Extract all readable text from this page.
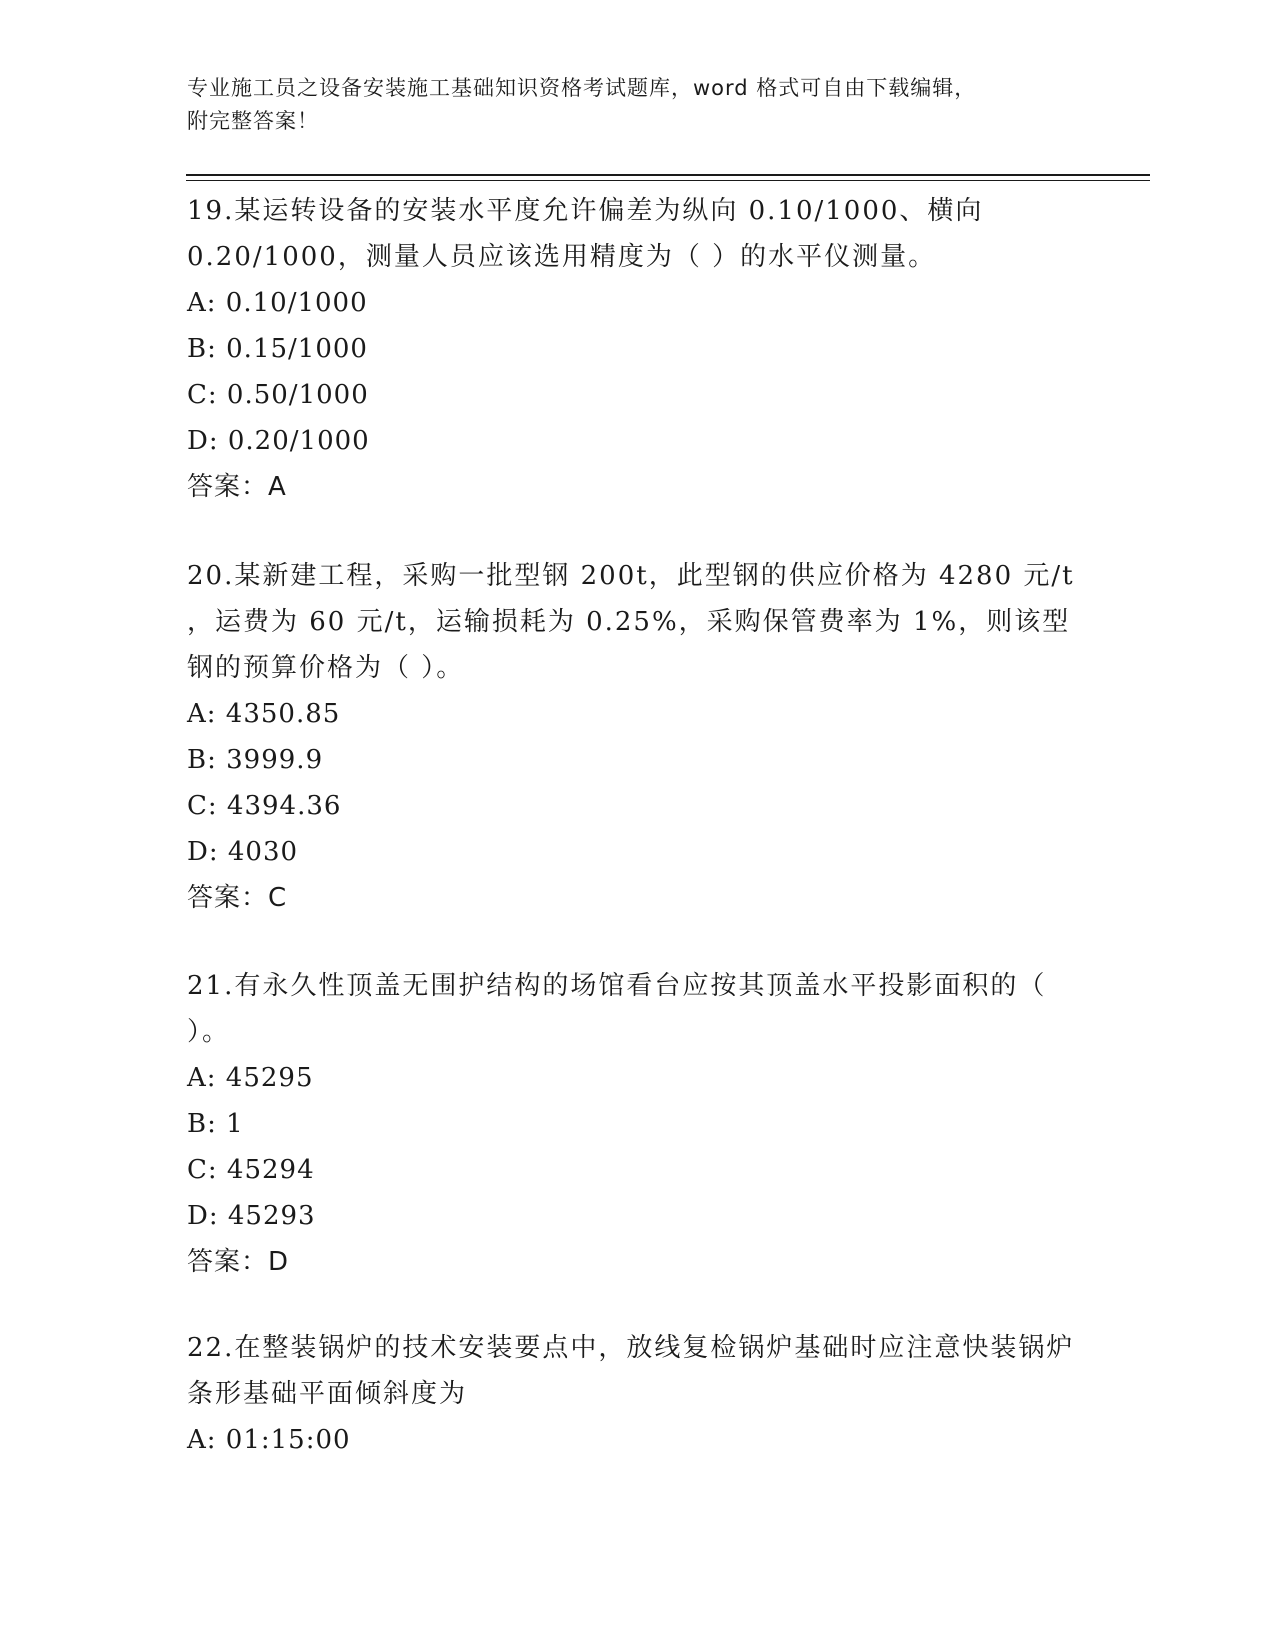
专业施工员之设备安装施工基础知识资格考试题库，word 格式可自由下载编辑，
附完整答案！
19.某运转设备的安装水平度允许偏差为纵向 0.10/1000、横向 0.20/1000，测量人员应该选用精度为（ ）的水平仪测量。
A: 0.10/1000
B: 0.15/1000
C: 0.50/1000
D: 0.20/1000
答案：A
20.某新建工程，采购一批型钢 200t，此型钢的供应价格为 4280 元/t ，运费为 60 元/t，运输损耗为 0.25%，采购保管费率为 1%，则该型钢的预算价格为（ ）。
A: 4350.85
B: 3999.9
C: 4394.36
D: 4030
答案：C
21.有永久性顶盖无围护结构的场馆看台应按其顶盖水平投影面积的（ ）。
A: 45295
B: 1
C: 45294
D: 45293
答案：D
22.在整装锅炉的技术安装要点中，放线复检锅炉基础时应注意快装锅炉条形基础平面倾斜度为
A: 01:15:00
